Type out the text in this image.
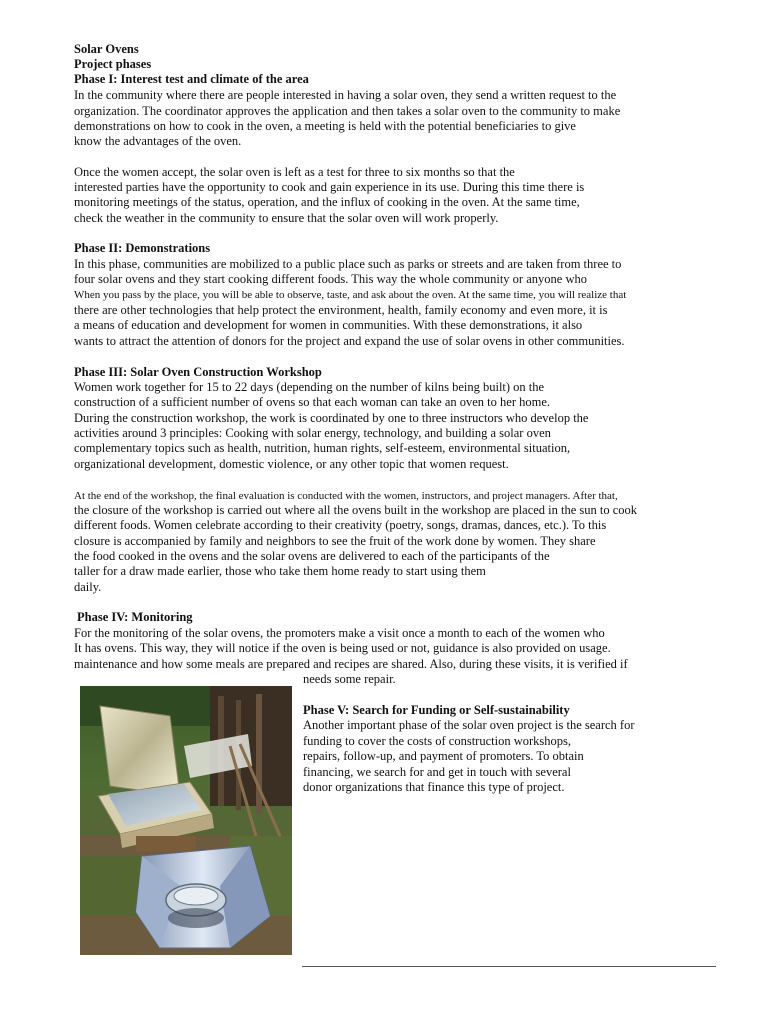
Solar Ovens
Project phases
Phase I: Interest test and climate of the area
In the community where there are people interested in having a solar oven, they send a written request to the
organization. The coordinator approves the application and then takes a solar oven to the community to make
demonstrations on how to cook in the oven, a meeting is held with the potential beneficiaries to give
know the advantages of the oven.
Once the women accept, the solar oven is left as a test for three to six months so that the
interested parties have the opportunity to cook and gain experience in its use. During this time there is
monitoring meetings of the status, operation, and the influx of cooking in the oven. At the same time,
check the weather in the community to ensure that the solar oven will work properly.
Phase II: Demonstrations
In this phase, communities are mobilized to a public place such as parks or streets and are taken from three to
four solar ovens and they start cooking different foods. This way the whole community or anyone who
When you pass by the place, you will be able to observe, taste, and ask about the oven. At the same time, you will realize that
there are other technologies that help protect the environment, health, family economy and even more, it is
a means of education and development for women in communities. With these demonstrations, it also
wants to attract the attention of donors for the project and expand the use of solar ovens in other communities.
Phase III: Solar Oven Construction Workshop
Women work together for 15 to 22 days (depending on the number of kilns being built) on the
construction of a sufficient number of ovens so that each woman can take an oven to her home.
During the construction workshop, the work is coordinated by one to three instructors who develop the
activities around 3 principles: Cooking with solar energy, technology, and building a solar oven
complementary topics such as health, nutrition, human rights, self-esteem, environmental situation,
organizational development, domestic violence, or any other topic that women request.
At the end of the workshop, the final evaluation is conducted with the women, instructors, and project managers. After that,
the closure of the workshop is carried out where all the ovens built in the workshop are placed in the sun to cook
different foods. Women celebrate according to their creativity (poetry, songs, dramas, dances, etc.). To this
closure is accompanied by family and neighbors to see the fruit of the work done by women. They share
the food cooked in the ovens and the solar ovens are delivered to each of the participants of the
taller for a draw made earlier, those who take them home ready to start using them
daily.
Phase IV: Monitoring
For the monitoring of the solar ovens, the promoters make a visit once a month to each of the women who
It has ovens. This way, they will notice if the oven is being used or not, guidance is also provided on usage.
maintenance and how some meals are prepared and recipes are shared. Also, during these visits, it is verified if
needs some repair.
Phase V: Search for Funding or Self-sustainability
Another important phase of the solar oven project is the search for
funding to cover the costs of construction workshops,
repairs, follow-up, and payment of promoters. To obtain
financing, we search for and get in touch with several
donor organizations that finance this type of project.
